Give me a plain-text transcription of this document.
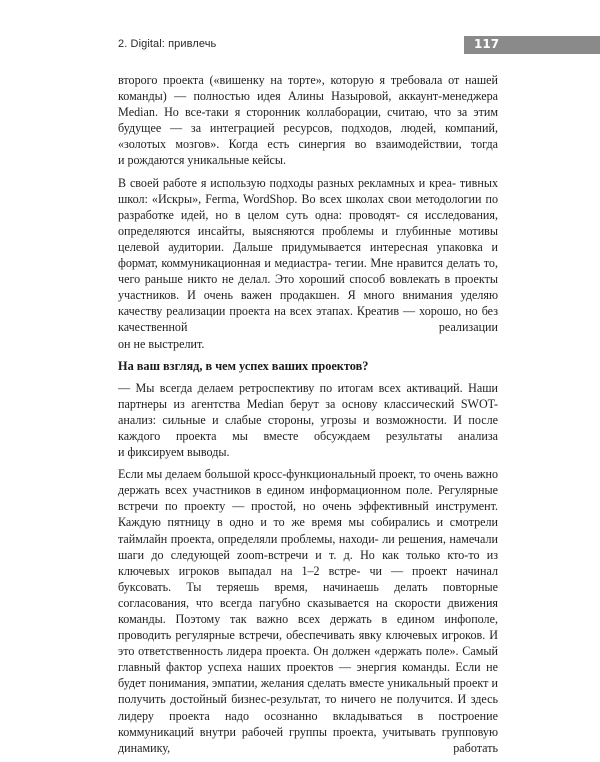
2. Digital: привлечь	117

второго проекта («вишенку на торте», которую я требовала от нашей команды) — полностью идея Алины Назыровой, аккаунт-менеджера Median. Но все-таки я сторонник коллаборации, считаю, что за этим будущее — за интеграцией ресурсов, подходов, людей, компаний, «золотых мозгов». Когда есть синергия во взаимодействии, тогда
и рождаются уникальные кейсы.

В своей работе я использую подходы разных рекламных и креа- тивных школ: «Искры», Ferma, WordShop. Во всех школах свои методологии по разработке идей, но в целом суть одна: проводят- ся исследования, определяются инсайты, выясняются проблемы и глубинные мотивы целевой аудитории. Дальше придумывается интересная упаковка и формат, коммуникационная и медиастра- тегии. Мне нравится делать то, чего раньше никто не делал. Это хороший способ вовлекать в проекты участников. И очень важен продакшен. Я много внимания уделяю качеству реализации проекта на всех этапах. Креатив — хорошо, но без качественной реализации
он не выстрелит.

На ваш взгляд, в чем успех ваших проектов?

— Мы всегда делаем ретроспективу по итогам всех активаций. Наши партнеры из агентства Median берут за основу классический SWOT-анализ: сильные и слабые стороны, угрозы и возможности. И после каждого проекта мы вместе обсуждаем результаты анализа
и фиксируем выводы.

Если мы делаем большой кросс-функциональный проект, то очень важно держать всех участников в едином информационном поле. Регулярные встречи по проекту — простой, но очень эффективный инструмент. Каждую пятницу в одно и то же время мы собирались и смотрели таймлайн проекта, определяли проблемы, находи- ли решения, намечали шаги до следующей zoom-встречи и т. д. Но как только кто-то из ключевых игроков выпадал на 1–2 встре- чи — проект начинал буксовать. Ты теряешь время, начинаешь делать повторные согласования, что всегда пагубно сказывается на скорости движения команды. Поэтому так важно всех держать в едином инфополе, проводить регулярные встречи, обеспечивать явку ключевых игроков. И это ответственность лидера проекта. Он должен «держать поле». Самый главный фактор успеха наших проектов — энергия команды. Если не будет понимания, эмпатии, желания сделать вместе уникальный проект и получить достойный бизнес-результат, то ничего не получится. И здесь лидеру проекта надо осознанно вкладываться в построение коммуникаций внутри рабочей группы проекта, учитывать групповую динамику, работать
